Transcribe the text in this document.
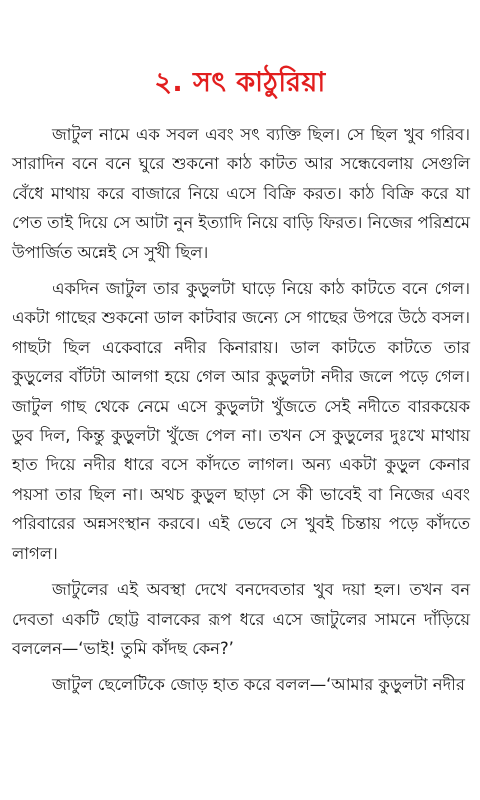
২. সৎ কাঠুরিয়া

জাটুল নামে এক সবল এবং সৎ ব্যক্তি ছিল। সে ছিল খুব গরিব। সারাদিন বনে বনে ঘুরে শুকনো কাঠ কাটত আর সন্ধেবেলায় সেগুলি বেঁধে মাথায় করে বাজারে নিয়ে এসে বিক্রি করত। কাঠ বিক্রি করে যা পেত তাই দিয়ে সে আটা নুন ইত্যাদি নিয়ে বাড়ি ফিরত। নিজের পরিশ্রমে উপার্জিত অন্নেই সে সুখী ছিল।

একদিন জাটুল তার কুড়ুলটা ঘাড়ে নিয়ে কাঠ কাটতে বনে গেল। একটা গাছের শুকনো ডাল কাটবার জন্যে সে গাছের উপরে উঠে বসল। গাছটা ছিল একেবারে নদীর কিনারায়। ডাল কাটতে কাটতে তার কুড়ুলের বাঁটটা আলগা হয়ে গেল আর কুড়ুলটা নদীর জলে পড়ে গেল। জাটুল গাছ থেকে নেমে এসে কুড়ুলটা খুঁজতে সেই নদীতে বারকয়েক ডুব দিল, কিন্তু কুড়ুলটা খুঁজে পেল না। তখন সে কুড়ুলের দুঃখে মাথায় হাত দিয়ে নদীর ধারে বসে কাঁদতে লাগল। অন্য একটা কুড়ুল কেনার পয়সা তার ছিল না। অথচ কুড়ুল ছাড়া সে কী ভাবেই বা নিজের এবং পরিবারের অন্নসংস্থান করবে। এই ভেবে সে খুবই চিন্তায় পড়ে কাঁদতে লাগল।

জাটুলের এই অবস্থা দেখে বনদেবতার খুব দয়া হল। তখন বন দেবতা একটি ছোট্ট বালকের রূপ ধরে এসে জাটুলের সামনে দাঁড়িয়ে বললেন—‘ভাই! তুমি কাঁদছ কেন?’

জাটুল ছেলেটিকে জোড় হাত করে বলল—‘আমার কুড়ুলটা নদীর
